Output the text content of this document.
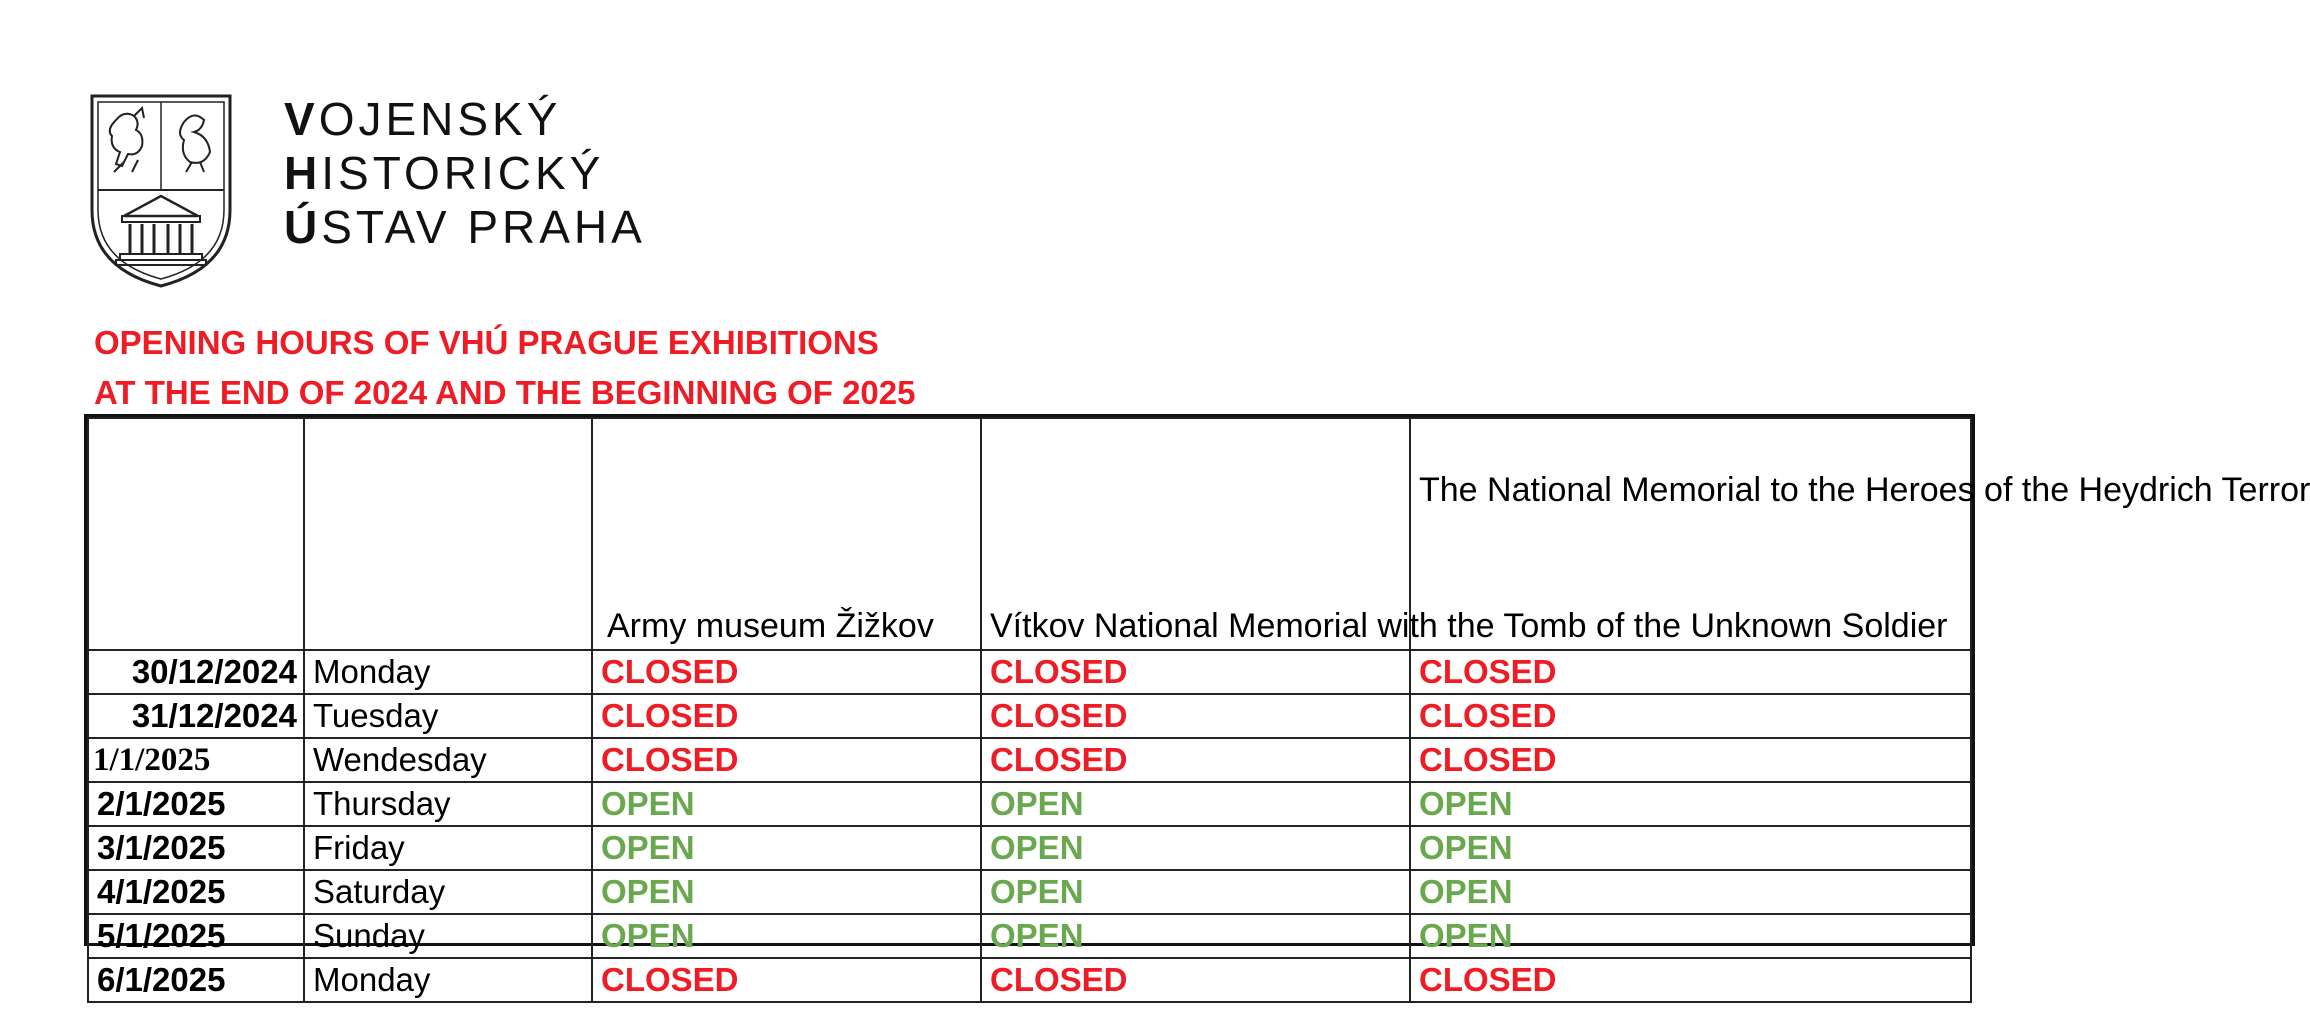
VOJENSKÝ
HISTORICKÝ
ÚSTAV PRAHA
OPENING HOURS OF VHÚ PRAGUE EXHIBITIONS
AT THE END OF 2024 AND THE BEGINNING OF 2025
		Army museum Žižkov	Vítkov National Memorial with the Tomb of the Unknown Soldier	The National Memorial to the Heroes of the Heydrich Terror
30/12/2024	Monday	CLOSED	CLOSED	CLOSED
31/12/2024	Tuesday	CLOSED	CLOSED	CLOSED
1/1/2025	Wendesday	CLOSED	CLOSED	CLOSED
2/1/2025	Thursday	OPEN	OPEN	OPEN
3/1/2025	Friday	OPEN	OPEN	OPEN
4/1/2025	Saturday	OPEN	OPEN	OPEN
5/1/2025	Sunday	OPEN	OPEN	OPEN
6/1/2025	Monday	CLOSED	CLOSED	CLOSED
